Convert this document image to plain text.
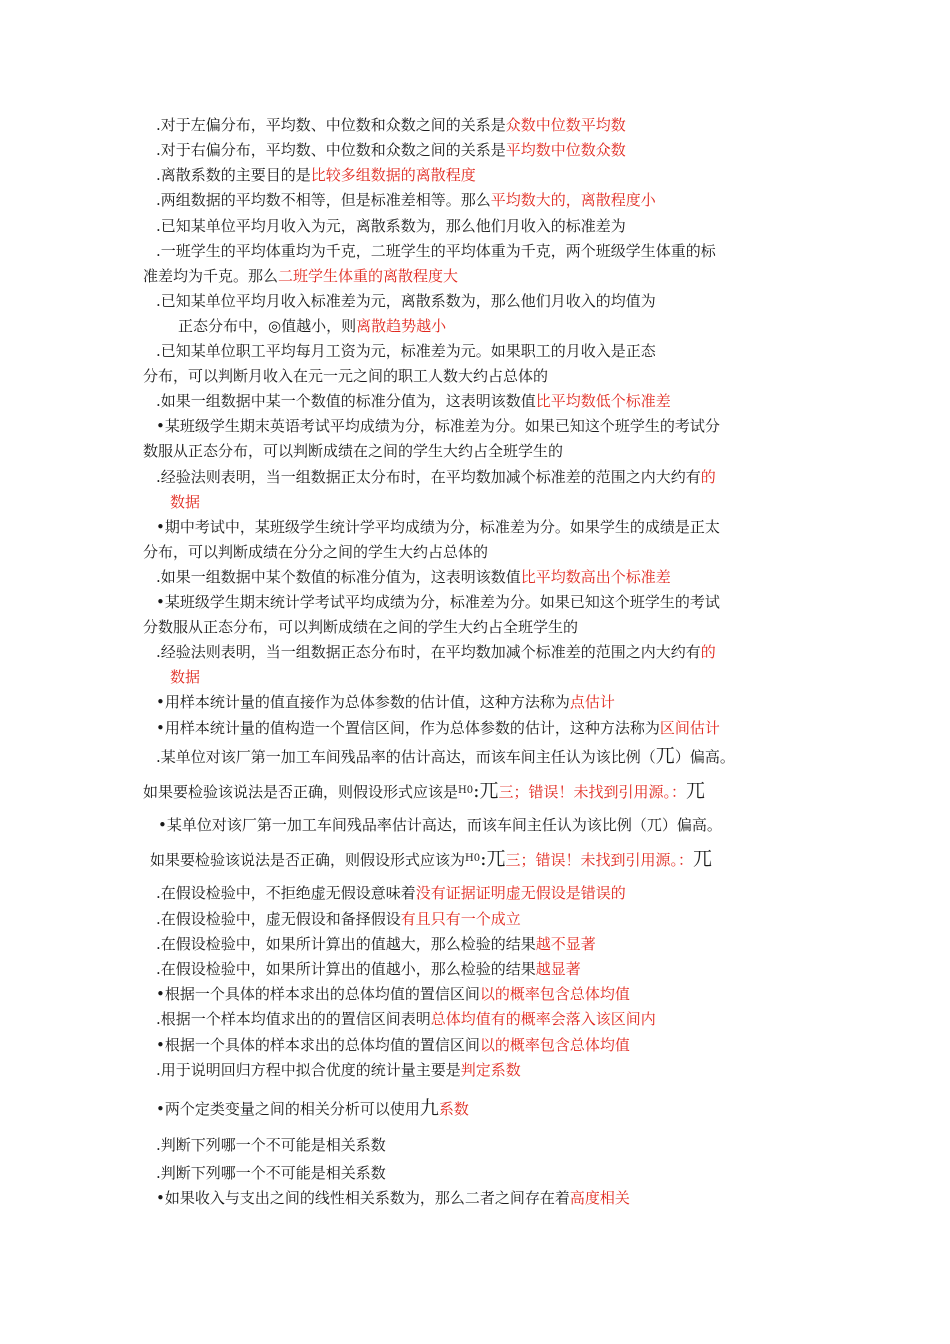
.对于左偏分布，平均数、中位数和众数之间的关系是众数中位数平均数
.对于右偏分布，平均数、中位数和众数之间的关系是平均数中位数众数
.离散系数的主要目的是比较多组数据的离散程度
.两组数据的平均数不相等，但是标准差相等。那么平均数大的，离散程度小
.已知某单位平均月收入为元，离散系数为，那么他们月收入的标准差为
.一班学生的平均体重均为千克，二班学生的平均体重为千克，两个班级学生体重的标
准差均为千克。那么二班学生体重的离散程度大
.已知某单位平均月收入标准差为元，离散系数为，那么他们月收入的均值为
正态分布中，◎值越小，则离散趋势越小
.已知某单位职工平均每月工资为元，标准差为元。如果职工的月收入是正态
分布，可以判断月收入在元一元之间的职工人数大约占总体的
.如果一组数据中某一个数值的标准分值为，这表明该数值比平均数低个标准差
•某班级学生期末英语考试平均成绩为分，标准差为分。如果已知这个班学生的考试分
数服从正态分布，可以判断成绩在之间的学生大约占全班学生的
.经验法则表明，当一组数据正太分布时，在平均数加减个标准差的范围之内大约有的
数据
•期中考试中，某班级学生统计学平均成绩为分，标准差为分。如果学生的成绩是正太
分布，可以判断成绩在分分之间的学生大约占总体的
.如果一组数据中某个数值的标准分值为，这表明该数值比平均数高出个标准差
•某班级学生期末统计学考试平均成绩为分，标准差为分。如果已知这个班学生的考试
分数服从正态分布，可以判断成绩在之间的学生大约占全班学生的
.经验法则表明，当一组数据正态分布时，在平均数加减个标准差的范围之内大约有的
数据
•用样本统计量的值直接作为总体参数的估计值，这种方法称为点估计
•用样本统计量的值构造一个置信区间，作为总体参数的估计，这种方法称为区间估计
.某单位对该厂第一加工车间残品率的估计高达，而该车间主任认为该比例（兀）偏高。
如果要检验该说法是否正确，则假设形式应该是$^{H0}$:兀三；错误！未找到引用源。：兀
•某单位对该厂第一加工车间残品率估计高达，而该车间主任认为该比例（兀）偏高。
如果要检验该说法是否正确，则假设形式应该为$^{H0}$:兀三；错误！未找到引用源。：兀
.在假设检验中，不拒绝虚无假设意味着没有证据证明虚无假设是错误的
.在假设检验中，虚无假设和备择假设有且只有一个成立
.在假设检验中，如果所计算出的值越大，那么检验的结果越不显著
.在假设检验中，如果所计算出的值越小，那么检验的结果越显著
•根据一个具体的样本求出的总体均值的置信区间以的概率包含总体均值
.根据一个样本均值求出的的置信区间表明总体均值有的概率会落入该区间内
•根据一个具体的样本求出的总体均值的置信区间以的概率包含总体均值
.用于说明回归方程中拟合优度的统计量主要是判定系数
•两个定类变量之间的相关分析可以使用九系数
.判断下列哪一个不可能是相关系数
.判断下列哪一个不可能是相关系数
•如果收入与支出之间的线性相关系数为，那么二者之间存在着高度相关
